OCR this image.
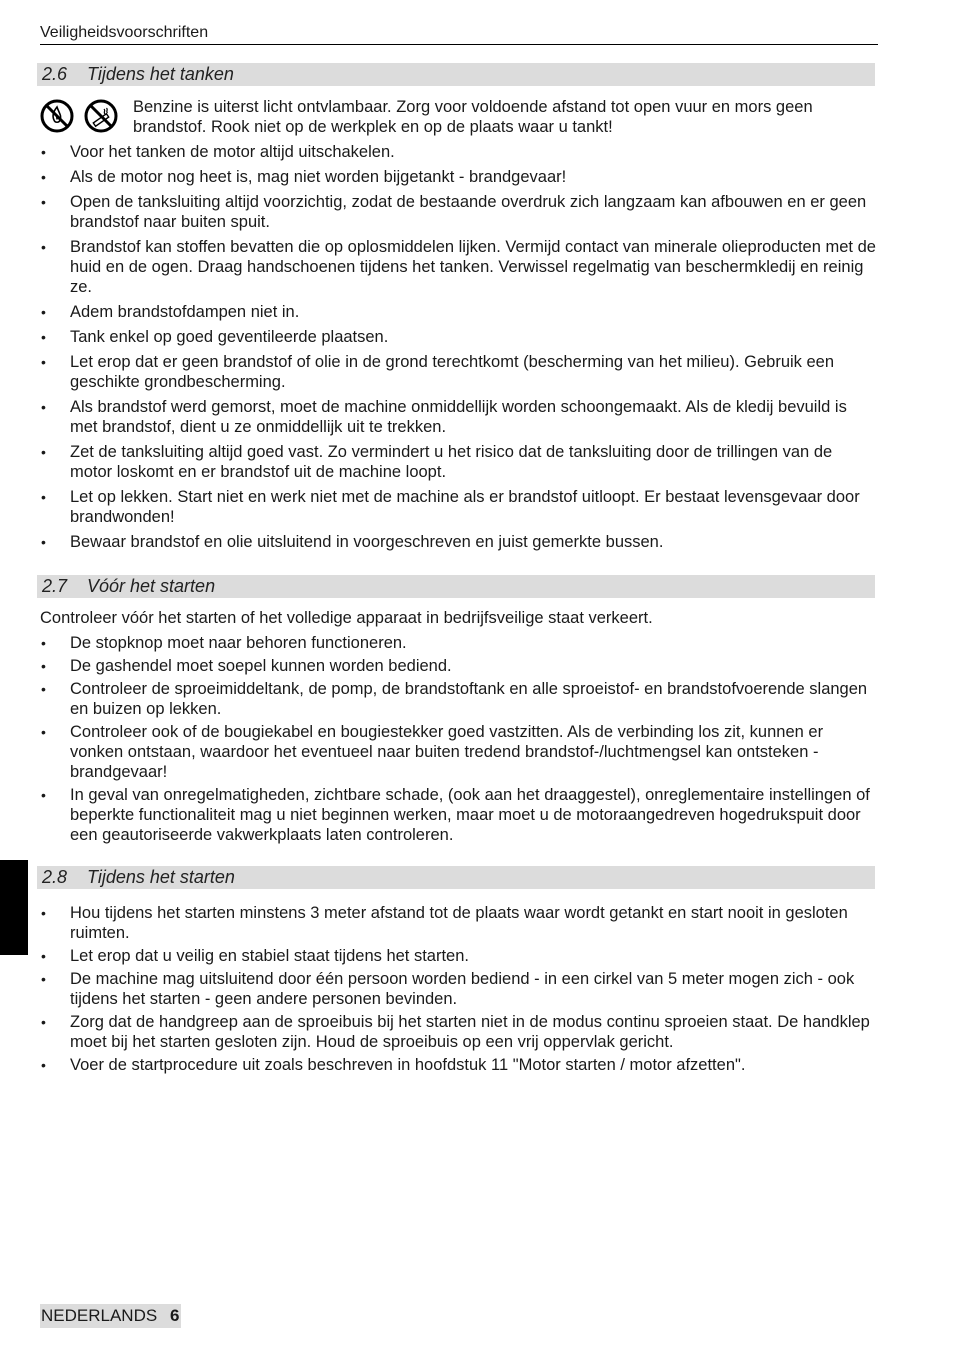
Veiligheidsvoorschriften
2.6 Tijdens het tanken
Benzine is uiterst licht ontvlambaar. Zorg voor voldoende afstand tot open vuur en mors geen brandstof. Rook niet op de werkplek en op de plaats waar u tankt!
• Voor het tanken de motor altijd uitschakelen.
• Als de motor nog heet is, mag niet worden bijgetankt - brandgevaar!
• Open de tanksluiting altijd voorzichtig, zodat de bestaande overdruk zich langzaam kan afbouwen en er geen brandstof naar buiten spuit.
• Brandstof kan stoffen bevatten die op oplosmiddelen lijken. Vermijd contact van minerale olieproducten met de huid en de ogen. Draag handschoenen tijdens het tanken. Verwissel regelmatig van beschermkledij en reinig ze.
• Adem brandstofdampen niet in.
• Tank enkel op goed geventileerde plaatsen.
• Let erop dat er geen brandstof of olie in de grond terechtkomt (bescherming van het milieu). Gebruik een geschikte grondbescherming.
• Als brandstof werd gemorst, moet de machine onmiddellijk worden schoongemaakt. Als de kledij bevuild is met brandstof, dient u ze onmiddellijk uit te trekken.
• Zet de tanksluiting altijd goed vast. Zo vermindert u het risico dat de tanksluiting door de trillingen van de motor loskomt en er brandstof uit de machine loopt.
• Let op lekken. Start niet en werk niet met de machine als er brandstof uitloopt. Er bestaat levensgevaar door brandwonden!
• Bewaar brandstof en olie uitsluitend in voorgeschreven en juist gemerkte bussen.
2.7 Vóór het starten
Controleer vóór het starten of het volledige apparaat in bedrijfsveilige staat verkeert.
• De stopknop moet naar behoren functioneren.
• De gashendel moet soepel kunnen worden bediend.
• Controleer de sproeimiddeltank, de pomp, de brandstoftank en alle sproeistof- en brandstofvoerende slangen en buizen op lekken.
• Controleer ook of de bougiekabel en bougiestekker goed vastzitten. Als de verbinding los zit, kunnen er vonken ontstaan, waardoor het eventueel naar buiten tredend brandstof-/luchtmengsel kan ontsteken - brandgevaar!
• In geval van onregelmatigheden, zichtbare schade, (ook aan het draaggestel), onreglementaire instellingen of beperkte functionaliteit mag u niet beginnen werken, maar moet u de motoraangedreven hogedrukspuit door een geautoriseerde vakwerkplaats laten controleren.
2.8 Tijdens het starten
• Hou tijdens het starten minstens 3 meter afstand tot de plaats waar wordt getankt en start nooit in gesloten ruimten.
• Let erop dat u veilig en stabiel staat tijdens het starten.
• De machine mag uitsluitend door één persoon worden bediend - in een cirkel van 5 meter mogen zich - ook tijdens het starten - geen andere personen bevinden.
• Zorg dat de handgreep aan de sproeibuis bij het starten niet in de modus continu sproeien staat. De handklep moet bij het starten gesloten zijn. Houd de sproeibuis op een vrij oppervlak gericht.
• Voer de startprocedure uit zoals beschreven in hoofdstuk 11 "Motor starten / motor afzetten".
NEDERLANDS 6
